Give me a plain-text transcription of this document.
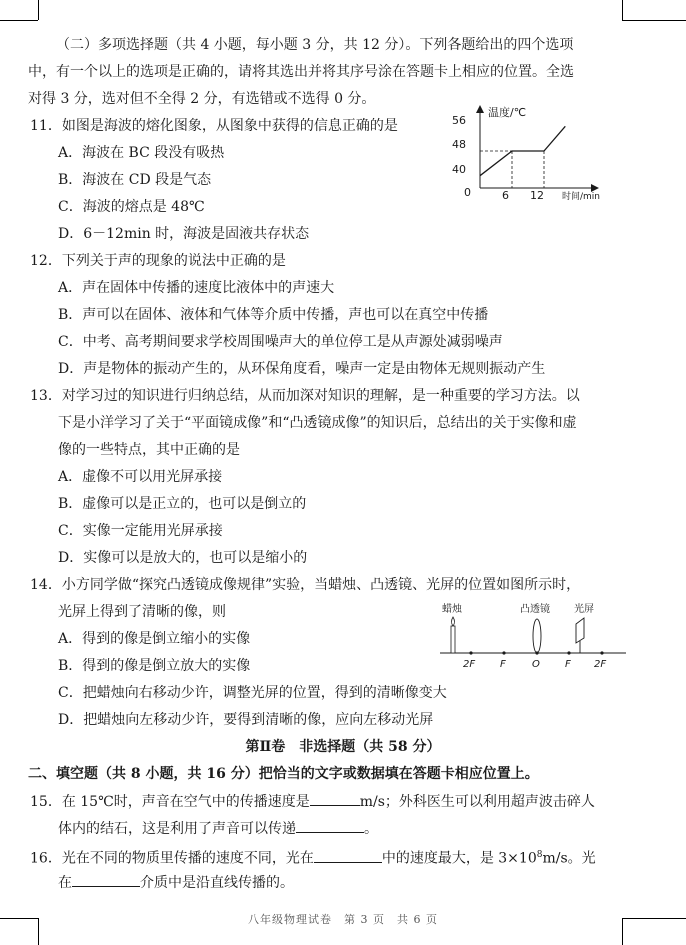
（二）多项选择题（共 4 小题，每小题 3 分，共 12 分）。下列各题给出的四个选项
中，有一个以上的选项是正确的，请将其选出并将其序号涂在答题卡上相应的位置。全选
对得 3 分，选对但不全得 2 分，有选错或不选得 0 分。
11．如图是海波的熔化图象，从图象中获得的信息正确的是
A．海波在 BC 段没有吸热
B．海波在 CD 段是气态
C．海波的熔点是 48℃
D．6－12min 时，海波是固液共存状态
温度/℃
时间/min
56
48
40
0	6 12
12．下列关于声的现象的说法中正确的是
A．声在固体中传播的速度比液体中的声速大
B．声可以在固体、液体和气体等介质中传播，声也可以在真空中传播
C．中考、高考期间要求学校周围噪声大的单位停工是从声源处减弱噪声
D．声是物体的振动产生的，从环保角度看，噪声一定是由物体无规则振动产生
13．对学习过的知识进行归纳总结，从而加深对知识的理解，是一种重要的学习方法。以
下是小洋学习了关于“平面镜成像”和“凸透镜成像”的知识后，总结出的关于实像和虚
像的一些特点，其中正确的是
A．虚像不可以用光屏承接
B．虚像可以是正立的，也可以是倒立的
C．实像一定能用光屏承接
D．实像可以是放大的，也可以是缩小的
14．小方同学做“探究凸透镜成像规律”实验，当蜡烛、凸透镜、光屏的位置如图所示时，
光屏上得到了清晰的像，则
A．得到的像是倒立缩小的实像
B．得到的像是倒立放大的实像
C．把蜡烛向右移动少许，调整光屏的位置，得到的清晰像变大
D．把蜡烛向左移动少许，要得到清晰的像，应向左移动光屏
蜡烛	凸透镜 光屏
2F F	O	F 2F
第Ⅱ卷　非选择题（共 58 分）
二、填空题（共 8 小题，共 16 分）把恰当的文字或数据填在答题卡相应位置上。
15．在 15℃时，声音在空气中的传播速度是	m/s；外科医生可以利用超声波击碎人
体内的结石，这是利用了声音可以传递	。
16．光在不同的物质里传播的速度不同，光在	中的速度最大，是 $3\times 10^8m/s$。光
在	介质中是沿直线传播的。
八年级物理试卷　第 3 页　共 6 页
